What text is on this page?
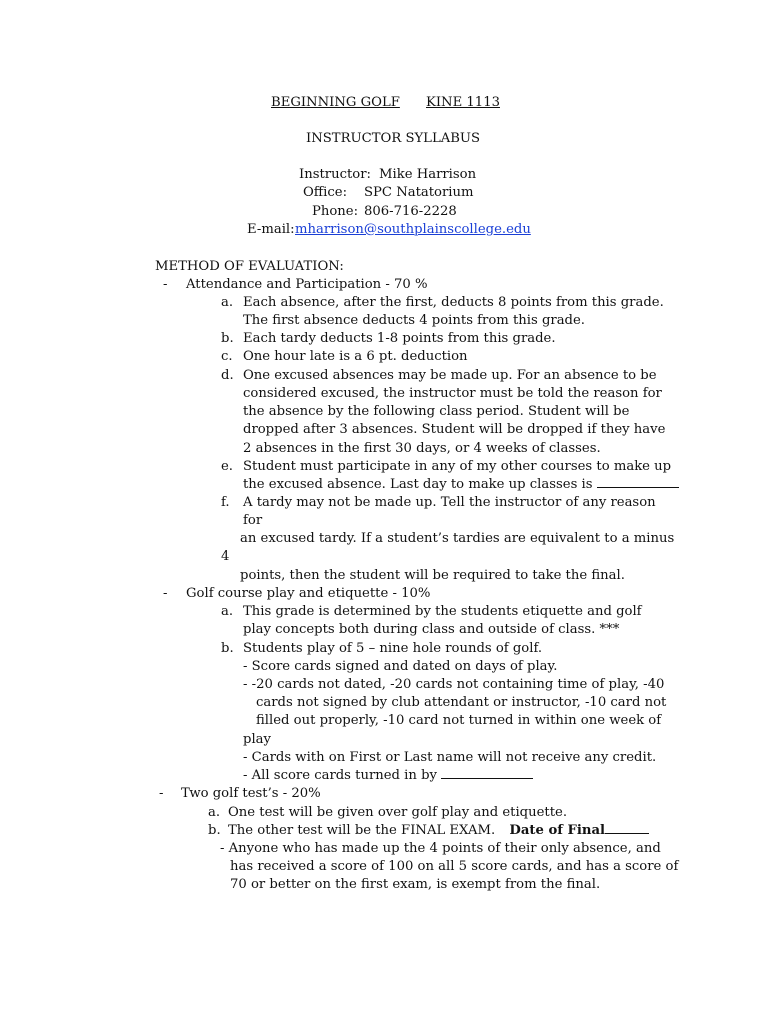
BEGINNING GOLF KINE 1113
INSTRUCTOR SYLLABUS
Instructor: Mike Harrison
Office: SPC Natatorium
Phone: 806-716-2228
E-mail: mharrison@southplainscollege.edu
METHOD OF EVALUATION:
- Attendance and Participation - 70 %
a. Each absence, after the first, deducts 8 points from this grade.
The first absence deducts 4 points from this grade.
b. Each tardy deducts 1-8 points from this grade.
c. One hour late is a 6 pt. deduction
d. One excused absences may be made up. For an absence to be
considered excused, the instructor must be told the reason for
the absence by the following class period. Student will be
dropped after 3 absences. Student will be dropped if they have
2 absences in the first 30 days, or 4 weeks of classes.
e. Student must participate in any of my other courses to make up
the excused absence. Last day to make up classes is
f. A tardy may not be made up. Tell the instructor of any reason
for
an excused tardy. If a student’s tardies are equivalent to a minus
4
points, then the student will be required to take the final.
- Golf course play and etiquette - 10%
a. This grade is determined by the students etiquette and golf
play concepts both during class and outside of class. ***
b. Students play of 5 – nine hole rounds of golf.
- Score cards signed and dated on days of play.
- -20 cards not dated, -20 cards not containing time of play, -40
cards not signed by club attendant or instructor, -10 card not
filled out properly, -10 card not turned in within one week of
play
- Cards with on First or Last name will not receive any credit.
- All score cards turned in by
- Two golf test’s - 20%
a. One test will be given over golf play and etiquette.
b. The other test will be the FINAL EXAM. Date of Final
- Anyone who has made up the 4 points of their only absence, and
has received a score of 100 on all 5 score cards, and has a score of
70 or better on the first exam, is exempt from the final.
